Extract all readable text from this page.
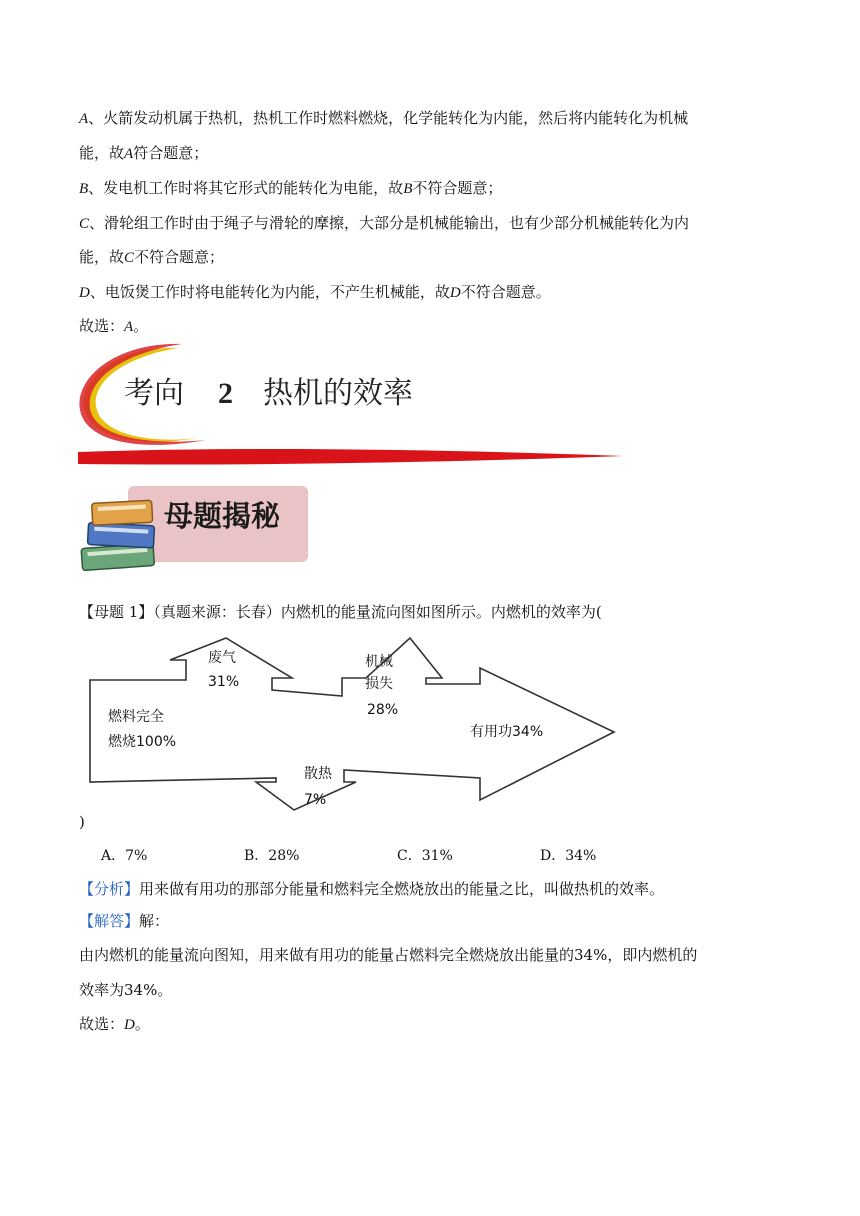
A、火箭发动机属于热机，热机工作时燃料燃烧，化学能转化为内能，然后将内能转化为机械
能，故A符合题意；
B、发电机工作时将其它形式的能转化为电能，故B不符合题意；
C、滑轮组工作时由于绳子与滑轮的摩擦，大部分是机械能输出，也有少部分机械能转化为内
能，故C不符合题意；
D、电饭煲工作时将电能转化为内能，不产生机械能，故D不符合题意。
故选：A。
考向 2 热机的效率
母题揭秘
【母题 1】（真题来源：长春）内燃机的能量流向图如图所示。内燃机的效率为(
燃料完全
燃烧100%
废气
31%
机械
损失
28%
有用功34%
散热
7%
)
A．7%	B．28%	C．31%	D．34%
【分析】用来做有用功的那部分能量和燃料完全燃烧放出的能量之比，叫做热机的效率。
【解答】解：
由内燃机的能量流向图知，用来做有用功的能量占燃料完全燃烧放出能量的34%，即内燃机的
效率为34%。
故选：D。
